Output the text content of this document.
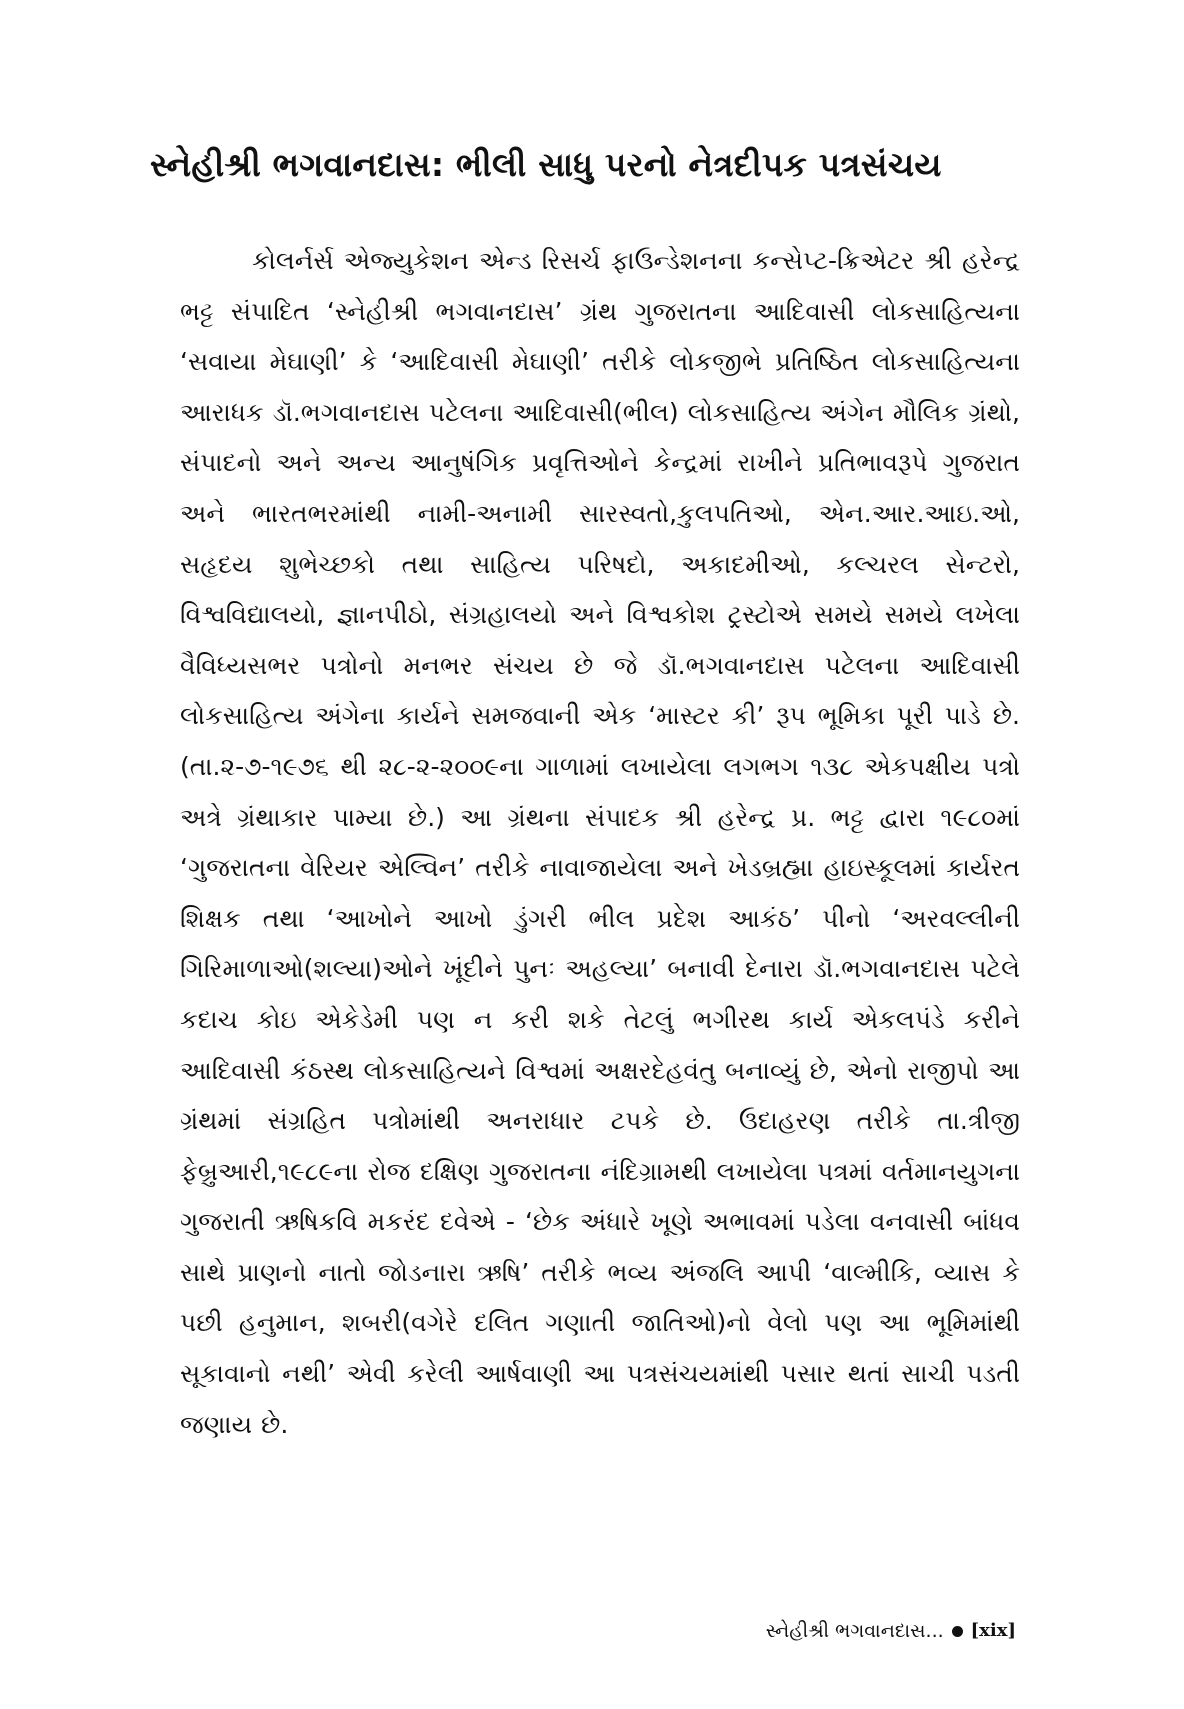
સ્નેહીશ્રી ભગવાનદાસ: ભીલી સાધુ પરનો નેત્રદીપક પત્રસંચય

કોલર્નર્સ એજ્યુકેશન એન્ડ રિસર્ચ ફાઉન્ડેશનના કન્સેપ્ટ-ક્રિએટર શ્રી હરેન્દ્ર ભટ્ટ સંપાદિત ‘સ્નેહીશ્રી ભગવાનદાસ’ ગ્રંથ ગુજરાતના આદિવાસી લોકસાહિત્યના ‘સવાયા મેઘાણી’ કે ‘આદિવાસી મેઘાણી’ તરીકે લોકજીભે પ્રતિષ્ઠિત લોકસાહિત્યના આરાધક ડૉ.ભગવાનદાસ પટેલના આદિવાસી(ભીલ) લોકસાહિત્ય અંગેન મૌલિક ગ્રંથો, સંપાદનો અને અન્ય આનુષંગિક પ્રવૃત્તિઓને કેન્દ્રમાં રાખીને પ્રતિભાવરૂપે ગુજરાત અને ભારતભરમાંથી નામી-અનામી સારસ્વતો,કુલપતિઓ, એન.આર.આઇ.ઓ, સહૃદય શુભેચ્છકો તથા સાહિત્ય પરિષદો, અકાદમીઓ, કલ્ચરલ સેન્ટરો, વિશ્વવિદ્યાલયો, જ્ઞાનપીઠો, સંગ્રહાલયો અને વિશ્વકોશ ટ્રસ્ટોએ સમયે સમયે લખેલા વૈવિધ્યસભર પત્રોનો મનભર સંચય છે જે ડૉ.ભગવાનદાસ પટેલના આદિવાસી લોકસાહિત્ય અંગેના કાર્યને સમજવાની એક ‘માસ્ટર કી’ રૂપ ભૂમિકા પૂરી પાડે છે. (તા.૨-૭-૧૯૭૬ થી ૨૮-૨-૨૦૦૯ના ગાળામાં લખાયેલા લગભગ ૧૩૮ એકપક્ષીય પત્રો અત્રે ગ્રંથાકાર પામ્યા છે.) આ ગ્રંથના સંપાદક શ્રી હરેન્દ્ર પ્ર. ભટ્ટ દ્વારા ૧૯૮૦માં ‘ગુજરાતના વેરિયર એલ્વિન’ તરીકે નાવાજાયેલા અને ખેડબ્રહ્મા હાઇસ્કૂલમાં કાર્યરત શિક્ષક તથા ‘આખોને આખો ડુંગરી ભીલ પ્રદેશ આકંઠ’ પીનો ‘અરવલ્લીની ગિરિમાળાઓ(શલ્યા)ઓને ખૂંદીને પુનઃ અહલ્યા’ બનાવી દેનારા ડૉ.ભગવાનદાસ પટેલે કદાચ કોઇ એકેડેમી પણ ન કરી શકે તેટલું ભગીરથ કાર્ય એકલપંડે કરીને આદિવાસી કંઠસ્થ લોકસાહિત્યને વિશ્વમાં અક્ષરદેહવંતુ બનાવ્યું છે, એનો રાજીપો આ ગ્રંથમાં સંગ્રહિત પત્રોમાંથી અનરાધાર ટપકે છે. ઉદાહરણ તરીકે તા.ત્રીજી ફેબ્રુઆરી,૧૯૮૯ના રોજ દક્ષિણ ગુજરાતના નંદિગ્રામથી લખાયેલા પત્રમાં વર્તમાનયુગના ગુજરાતી ઋષિકવિ મકરંદ દવેએ - ‘છેક અંધારે ખૂણે અભાવમાં પડેલા વનવાસી બાંધવ સાથે પ્રાણનો નાતો જોડનારા ઋષિ’ તરીકે ભવ્ય અંજલિ આપી ‘વાલ્મીકિ, વ્યાસ કે પછી હનુમાન, શબરી(વગેરે દલિત ગણાતી જાતિઓ)નો વેલો પણ આ ભૂમિમાંથી સૂકાવાનો નથી’ એવી કરેલી આર્ષવાણી આ પત્રસંચયમાંથી પસાર થતાં સાચી પડતી જણાય છે.

સ્નેહીશ્રી ભગવાનદાસ... [xix]
